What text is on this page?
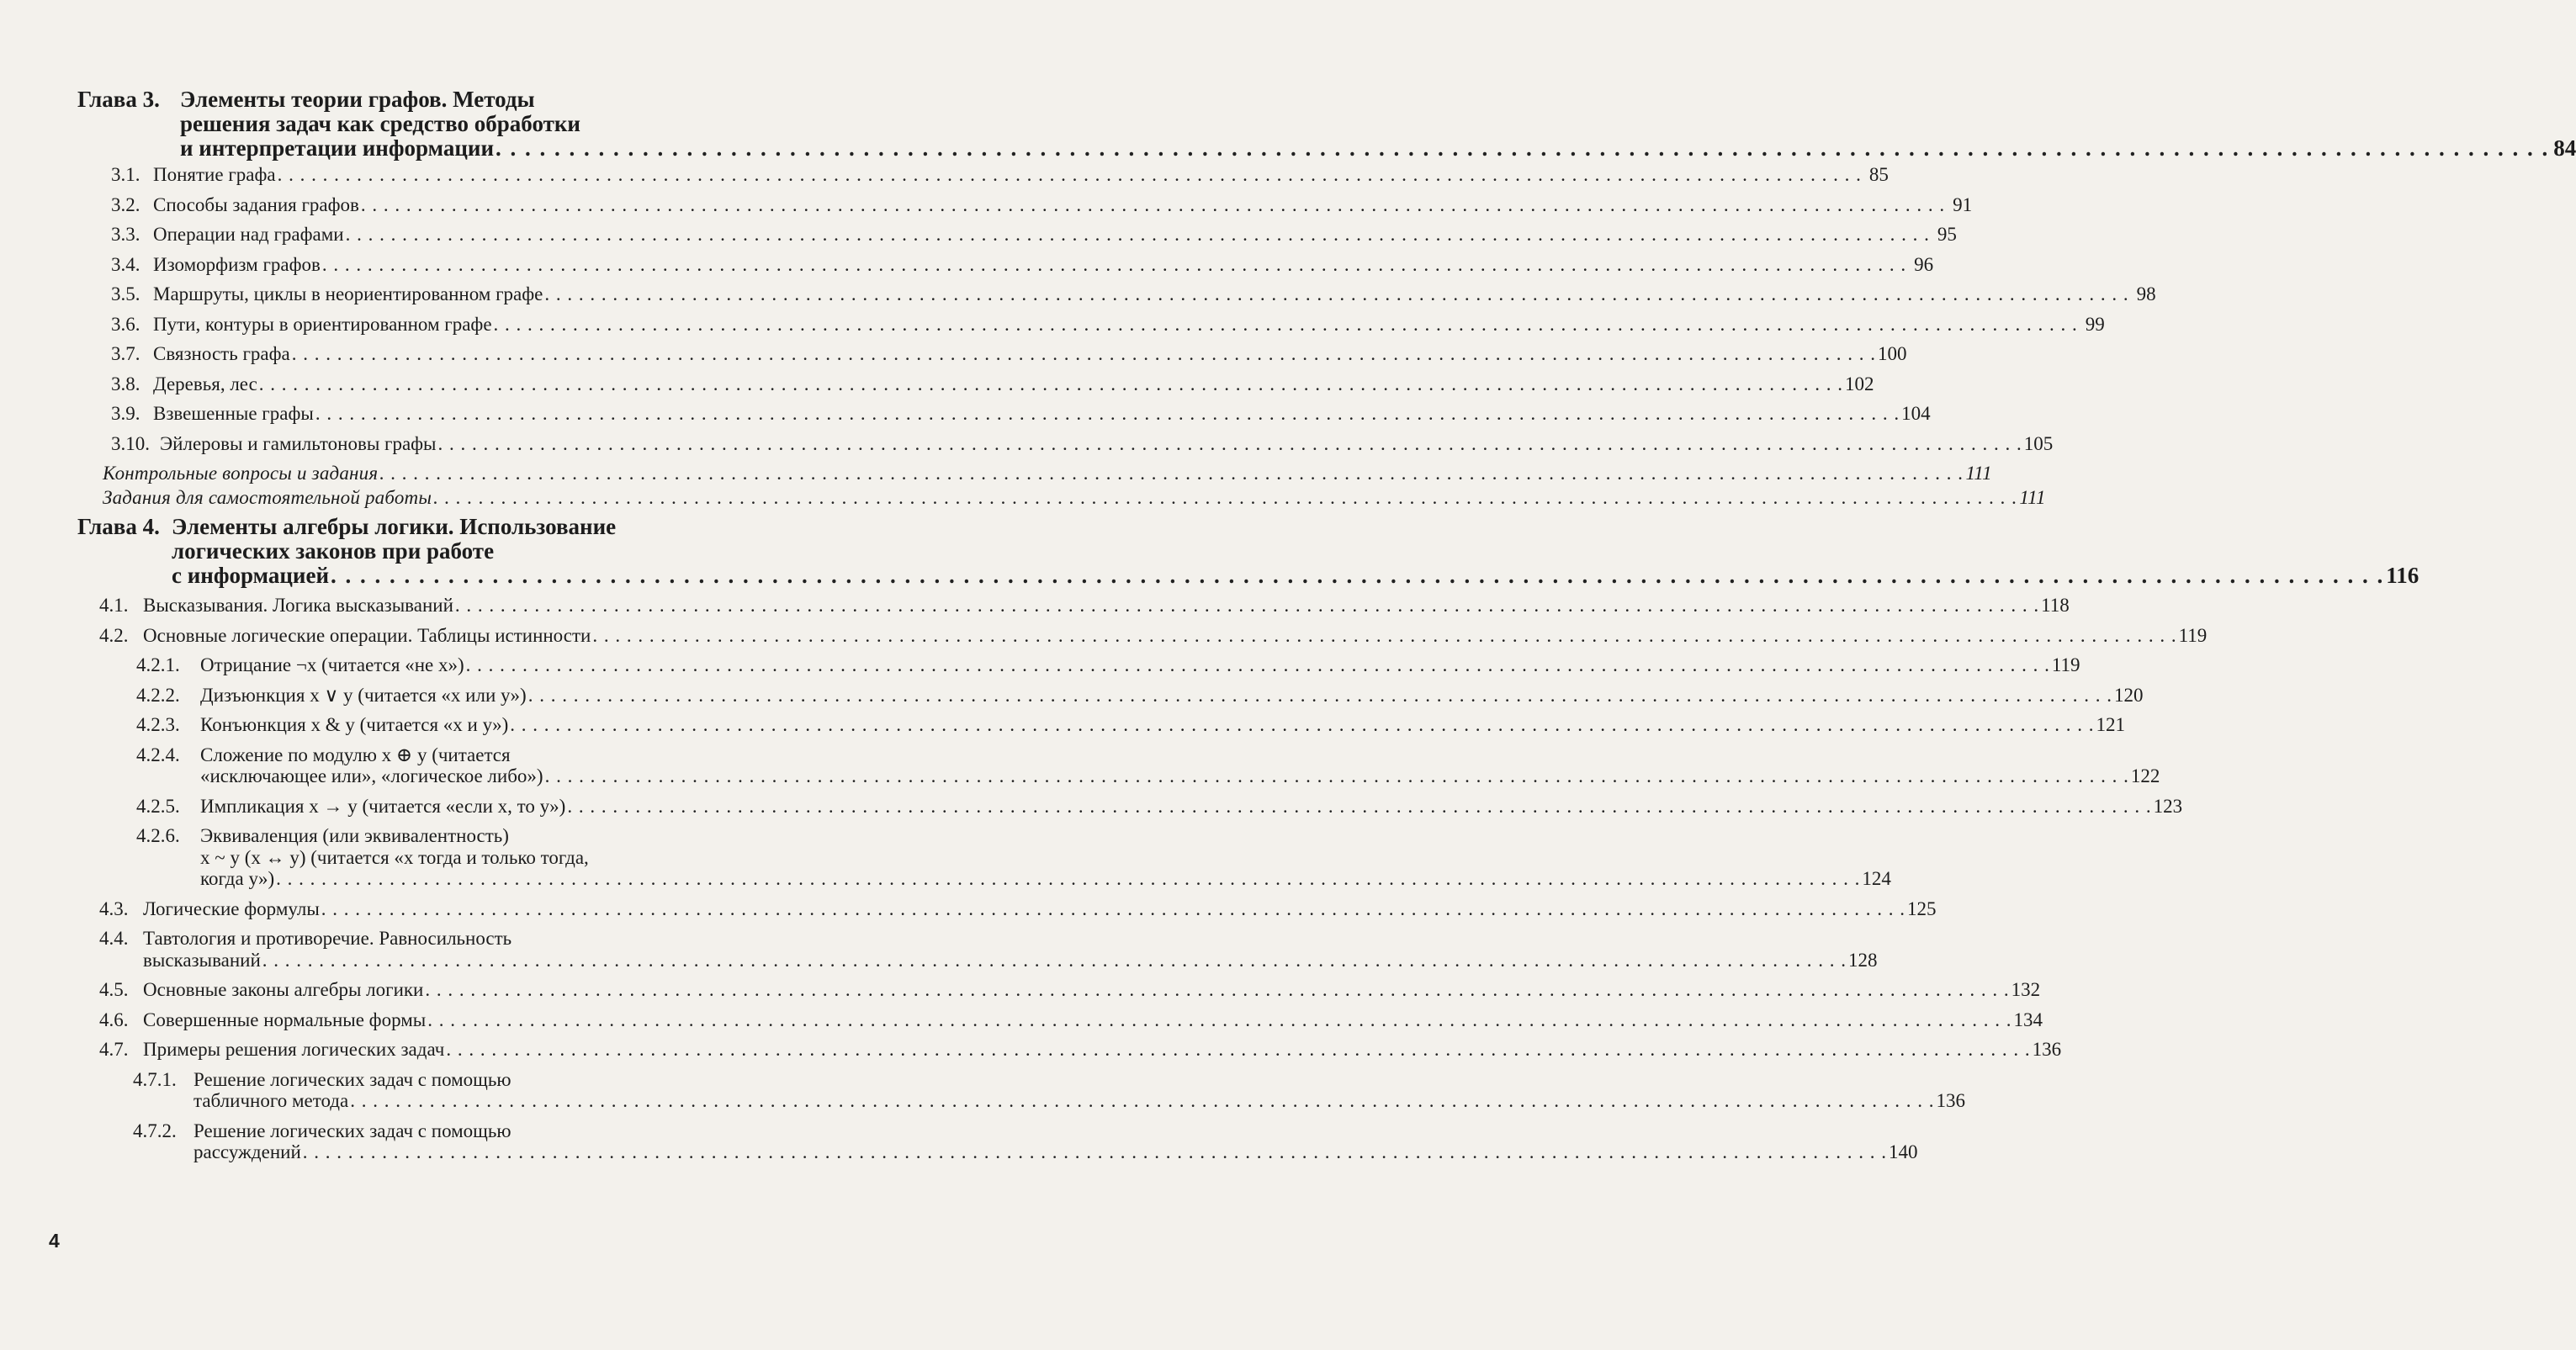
Глава 3. Элементы теории графов. Методы
решения задач как средство обработки
и интерпретации информации . . .	84
3.1. Понятие графа . . .	85
3.2. Способы задания графов . . .	91
3.3. Операции над графами . . .	95
3.4. Изоморфизм графов . . .	96
3.5. Маршруты, циклы в неориентированном графе . . .	98
3.6. Пути, контуры в ориентированном графе . . .	99
3.7. Связность графа . . .	100
3.8. Деревья, лес . . .	102
3.9. Взвешенные графы . . .	104
3.10. Эйлеровы и гамильтоновы графы . . .	105
Контрольные вопросы и задания . . .	111
Задания для самостоятельной работы . . .	111
Глава 4. Элементы алгебры логики. Использование
логических законов при работе
с информацией . . .	116
4.1. Высказывания. Логика высказываний . . .	118
4.2. Основные логические операции. Таблицы истинности . . .	119
4.2.1.	Отрицание ¬x (читается «не x») . . .	119
4.2.2.	Дизъюнкция x ∨ y (читается «x или y») . . .	120
4.2.3.	Конъюнкция x & y (читается «x и y») . . .	121
4.2.4.	Сложение по модулю x ⊕ y (читается
«исключающее или», «логическое либо») . . .	122
4.2.5.	Импликация x → y (читается «если x, то y») . . .	123
4.2.6.	Эквиваленция (или эквивалентность)
x ~ y (x ↔ y) (читается «x тогда и только тогда,
когда y») . . .	124
4.3. Логические формулы . . .	125
4.4. Тавтология и противоречие. Равносильность
высказываний . . .	128
4.5. Основные законы алгебры логики . . .	132
4.6. Совершенные нормальные формы . . .	134
4.7. Примеры решения логических задач . . .	136
4.7.1. Решение логических задач с помощью
табличного метода . . .	136
4.7.2. Решение логических задач с помощью
рассуждений . . .	140
4
